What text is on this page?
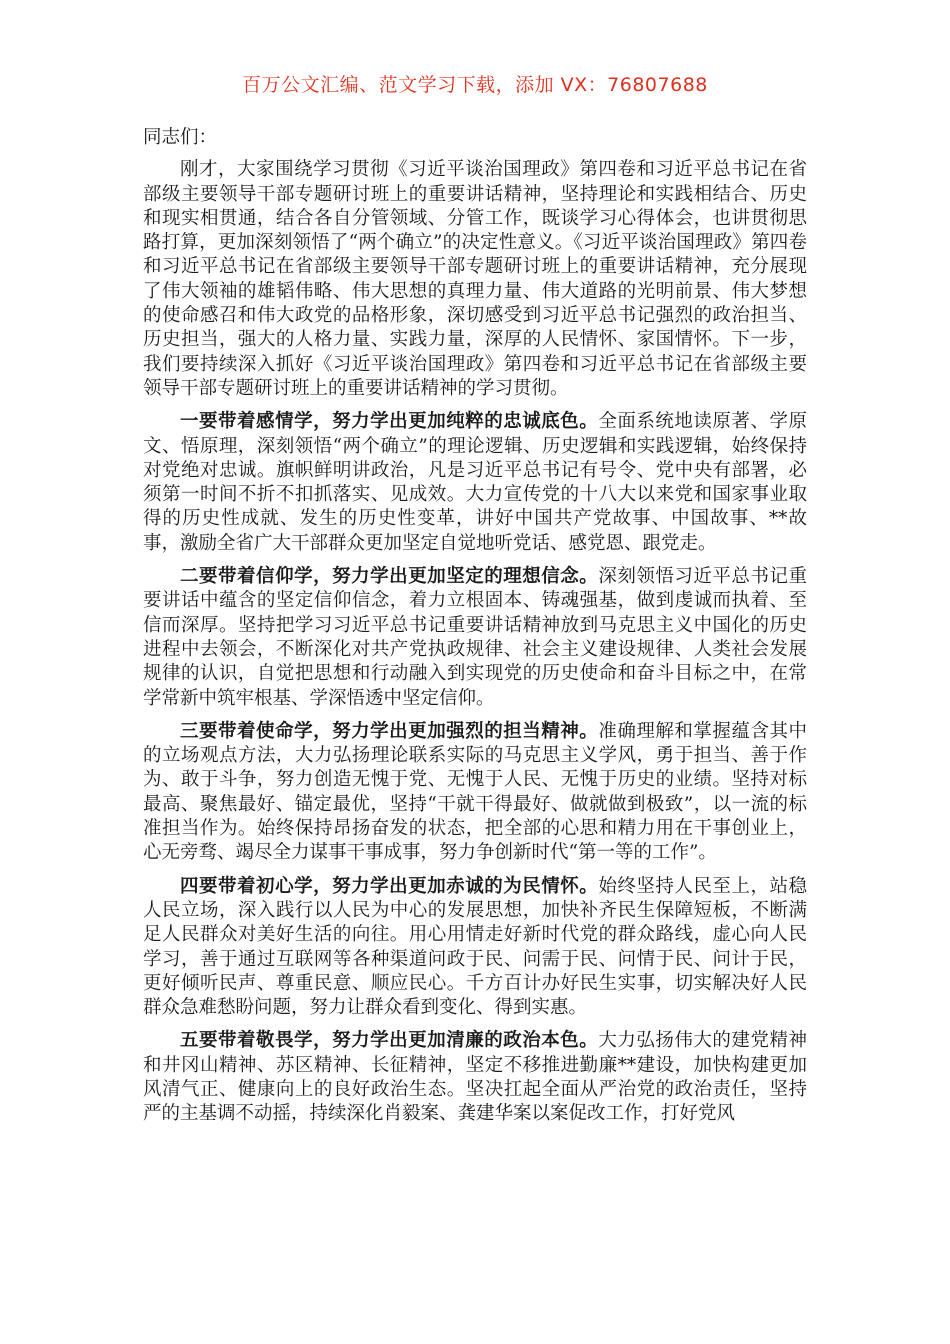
百万公文汇编、范文学习下载，添加 VX：76807688

同志们：

刚才，大家围绕学习贯彻《习近平谈治国理政》第四卷和习近平总书记在省部级主要领导干部专题研讨班上的重要讲话精神，坚持理论和实践相结合、历史和现实相贯通，结合各自分管领域、分管工作，既谈学习心得体会，也讲贯彻思路打算，更加深刻领悟了“两个确立”的决定性意义。《习近平谈治国理政》第四卷和习近平总书记在省部级主要领导干部专题研讨班上的重要讲话精神，充分展现了伟大领袖的雄韬伟略、伟大思想的真理力量、伟大道路的光明前景、伟大梦想的使命感召和伟大政党的品格形象，深切感受到习近平总书记强烈的政治担当、历史担当，强大的人格力量、实践力量，深厚的人民情怀、家国情怀。下一步，我们要持续深入抓好《习近平谈治国理政》第四卷和习近平总书记在省部级主要领导干部专题研讨班上的重要讲话精神的学习贯彻。

一要带着感情学，努力学出更加纯粹的忠诚底色。全面系统地读原著、学原文、悟原理，深刻领悟“两个确立”的理论逻辑、历史逻辑和实践逻辑，始终保持对党绝对忠诚。旗帜鲜明讲政治，凡是习近平总书记有号令、党中央有部署，必须第一时间不折不扣抓落实、见成效。大力宣传党的十八大以来党和国家事业取得的历史性成就、发生的历史性变革，讲好中国共产党故事、中国故事、**故事，激励全省广大干部群众更加坚定自觉地听党话、感党恩、跟党走。

二要带着信仰学，努力学出更加坚定的理想信念。深刻领悟习近平总书记重要讲话中蕴含的坚定信仰信念，着力立根固本、铸魂强基，做到虔诚而执着、至信而深厚。坚持把学习习近平总书记重要讲话精神放到马克思主义中国化的历史进程中去领会，不断深化对共产党执政规律、社会主义建设规律、人类社会发展规律的认识，自觉把思想和行动融入到实现党的历史使命和奋斗目标之中，在常学常新中筑牢根基、学深悟透中坚定信仰。

三要带着使命学，努力学出更加强烈的担当精神。准确理解和掌握蕴含其中的立场观点方法，大力弘扬理论联系实际的马克思主义学风，勇于担当、善于作为、敢于斗争，努力创造无愧于党、无愧于人民、无愧于历史的业绩。坚持对标最高、聚焦最好、锚定最优，坚持“干就干得最好、做就做到极致”，以一流的标准担当作为。始终保持昂扬奋发的状态，把全部的心思和精力用在干事创业上，心无旁骛、竭尽全力谋事干事成事，努力争创新时代“第一等的工作”。

四要带着初心学，努力学出更加赤诚的为民情怀。始终坚持人民至上，站稳人民立场，深入践行以人民为中心的发展思想，加快补齐民生保障短板，不断满足人民群众对美好生活的向往。用心用情走好新时代党的群众路线，虚心向人民学习，善于通过互联网等各种渠道问政于民、问需于民、问情于民、问计于民，更好倾听民声、尊重民意、顺应民心。千方百计办好民生实事，切实解决好人民群众急难愁盼问题，努力让群众看到变化、得到实惠。

五要带着敬畏学，努力学出更加清廉的政治本色。大力弘扬伟大的建党精神和井冈山精神、苏区精神、长征精神，坚定不移推进勤廉**建设，加快构建更加风清气正、健康向上的良好政治生态。坚决扛起全面从严治党的政治责任，坚持严的主基调不动摇，持续深化肖毅案、龚建华案以案促改工作，打好党风
